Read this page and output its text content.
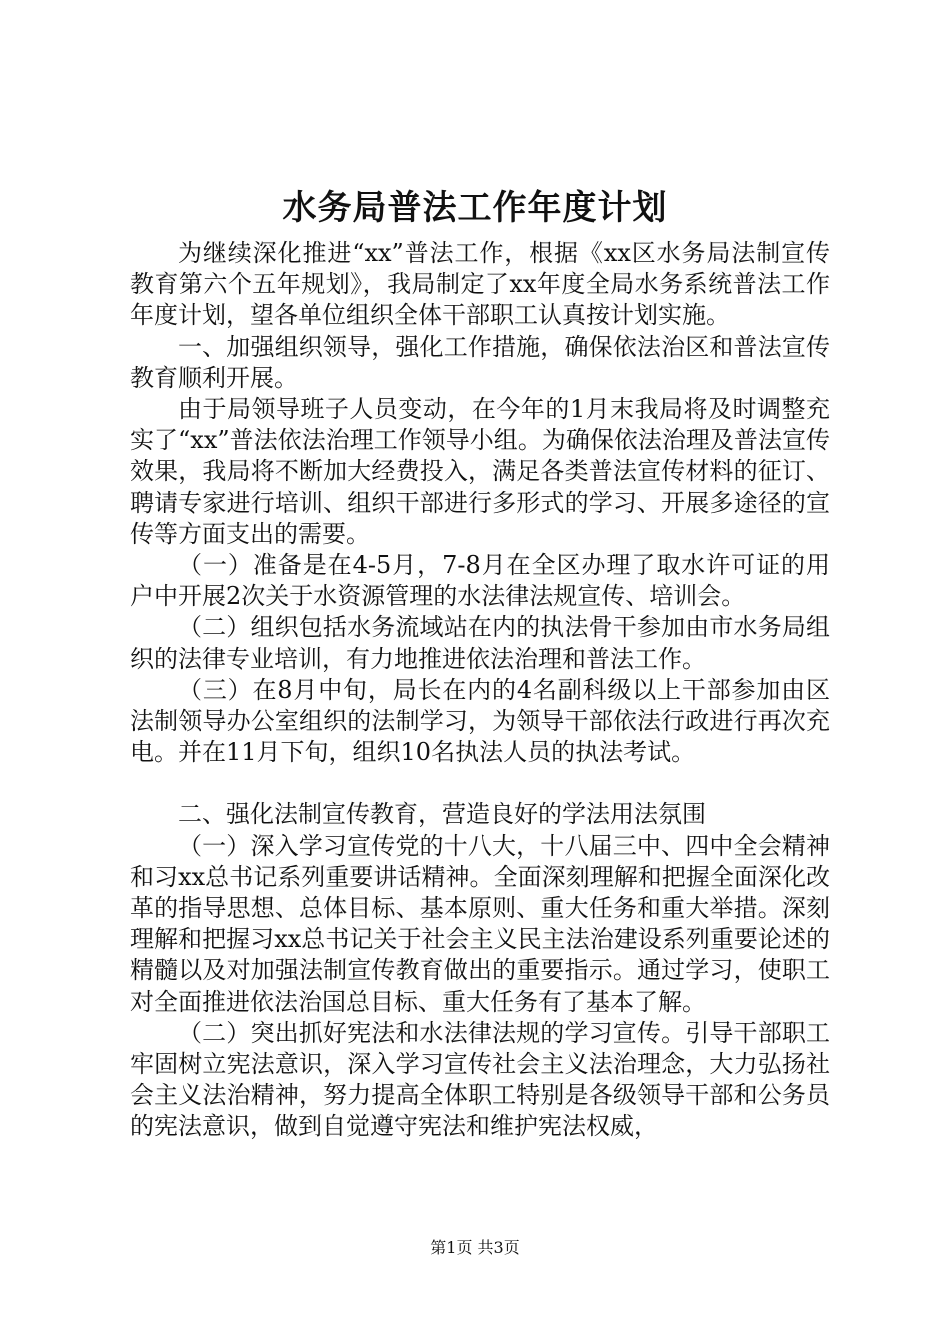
水务局普法工作年度计划

为继续深化推进“xx”普法工作，根据《xx区水务局法制宣传教育第六个五年规划》，我局制定了xx年度全局水务系统普法工作年度计划，望各单位组织全体干部职工认真按计划实施。

一、加强组织领导，强化工作措施，确保依法治区和普法宣传教育顺利开展。

由于局领导班子人员变动，在今年的1月末我局将及时调整充实了“xx”普法依法治理工作领导小组。为确保依法治理及普法宣传效果，我局将不断加大经费投入，满足各类普法宣传材料的征订、聘请专家进行培训、组织干部进行多形式的学习、开展多途径的宣传等方面支出的需要。

（一）准备是在4-5月，7-8月在全区办理了取水许可证的用户中开展2次关于水资源管理的水法律法规宣传、培训会。

（二）组织包括水务流域站在内的执法骨干参加由市水务局组织的法律专业培训，有力地推进依法治理和普法工作。

（三）在8月中旬，局长在内的4名副科级以上干部参加由区法制领导办公室组织的法制学习，为领导干部依法行政进行再次充电。并在11月下旬，组织10名执法人员的执法考试。

二、强化法制宣传教育，营造良好的学法用法氛围

（一）深入学习宣传党的十八大，十八届三中、四中全会精神和习xx总书记系列重要讲话精神。全面深刻理解和把握全面深化改革的指导思想、总体目标、基本原则、重大任务和重大举措。深刻理解和把握习xx总书记关于社会主义民主法治建设系列重要论述的精髓以及对加强法制宣传教育做出的重要指示。通过学习，使职工对全面推进依法治国总目标、重大任务有了基本了解。

（二）突出抓好宪法和水法律法规的学习宣传。引导干部职工牢固树立宪法意识，深入学习宣传社会主义法治理念，大力弘扬社会主义法治精神，努力提高全体职工特别是各级领导干部和公务员的宪法意识，做到自觉遵守宪法和维护宪法权威，

第1页 共3页
